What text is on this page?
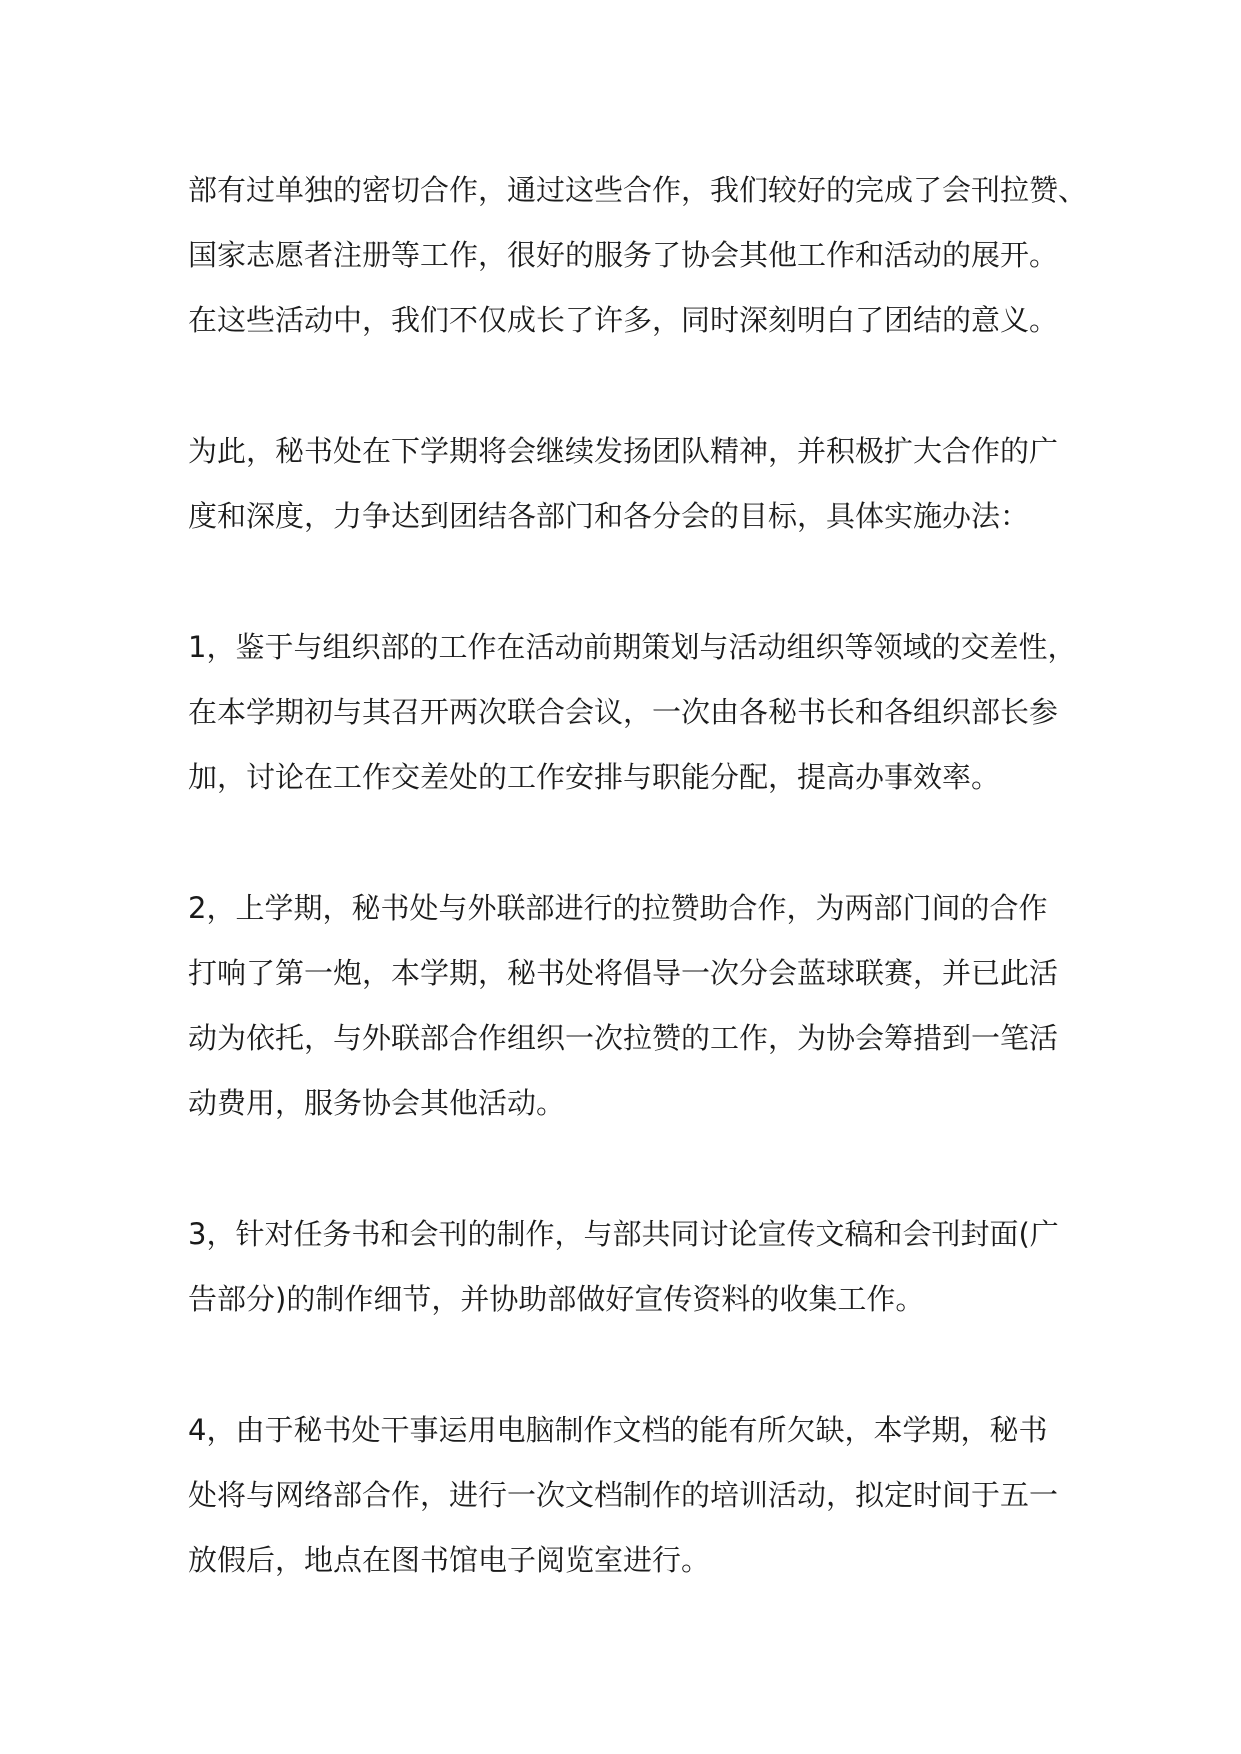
部有过单独的密切合作，通过这些合作，我们较好的完成了会刊拉赞、
国家志愿者注册等工作，很好的服务了协会其他工作和活动的展开。
在这些活动中，我们不仅成长了许多，同时深刻明白了团结的意义。

为此，秘书处在下学期将会继续发扬团队精神，并积极扩大合作的广
度和深度，力争达到团结各部门和各分会的目标，具体实施办法：

1，鉴于与组织部的工作在活动前期策划与活动组织等领域的交差性，
在本学期初与其召开两次联合会议，一次由各秘书长和各组织部长参
加，讨论在工作交差处的工作安排与职能分配，提高办事效率。

2，上学期，秘书处与外联部进行的拉赞助合作，为两部门间的合作
打响了第一炮，本学期，秘书处将倡导一次分会蓝球联赛，并已此活
动为依托，与外联部合作组织一次拉赞的工作，为协会筹措到一笔活
动费用，服务协会其他活动。

3，针对任务书和会刊的制作，与部共同讨论宣传文稿和会刊封面(广
告部分)的制作细节，并协助部做好宣传资料的收集工作。

4，由于秘书处干事运用电脑制作文档的能有所欠缺，本学期，秘书
处将与网络部合作，进行一次文档制作的培训活动，拟定时间于五一
放假后，地点在图书馆电子阅览室进行。
